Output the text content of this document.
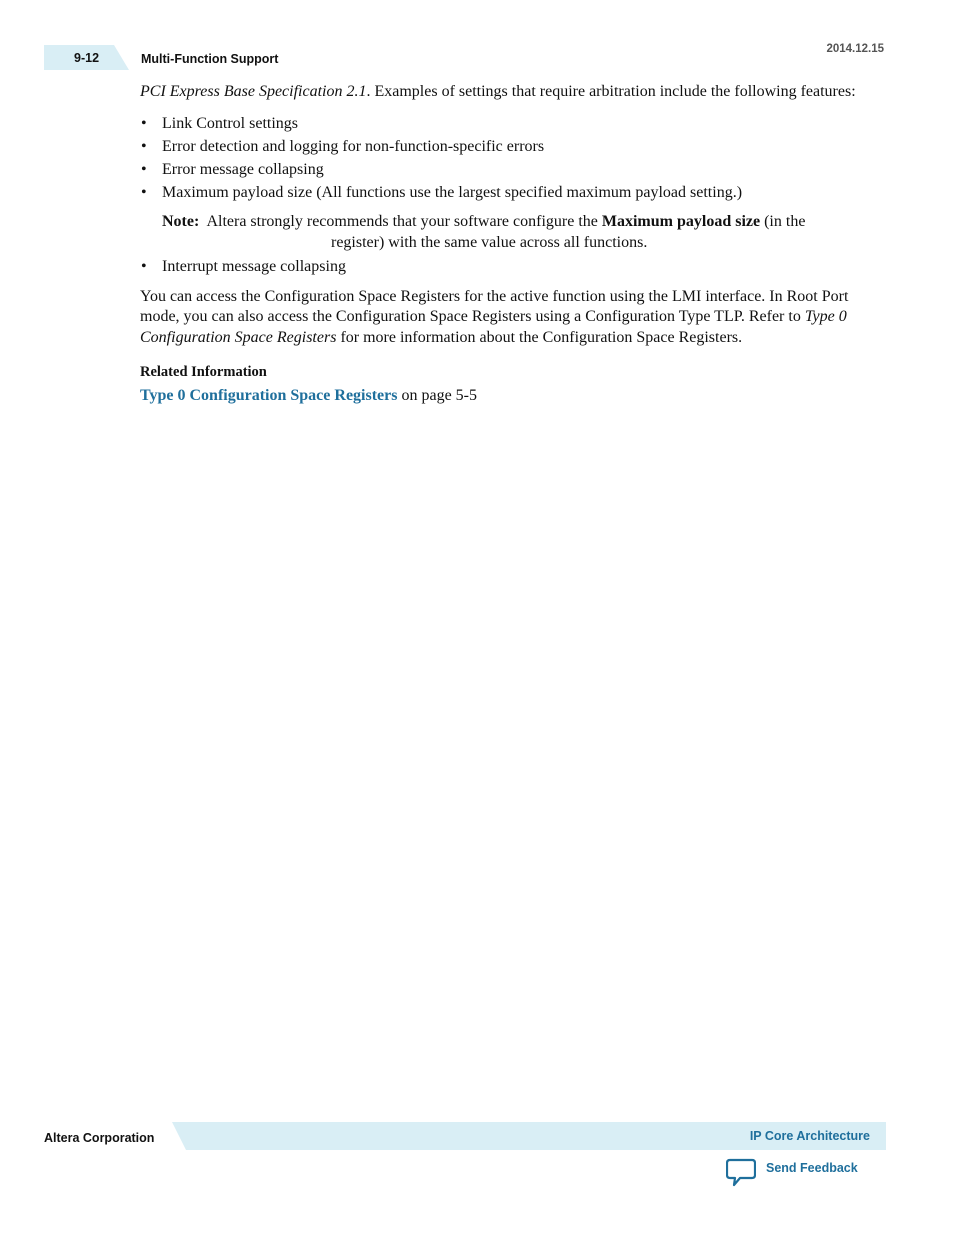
9-12	Multi-Function Support
2014.12.15

PCI Express Base Specification 2.1. Examples of settings that require arbitration include the following features:

• Link Control settings
• Error detection and logging for non-function-specific errors
• Error message collapsing
• Maximum payload size (All functions use the largest specified maximum payload setting.)
Note: Altera strongly recommends that your software configure the Maximum payload size (in the
register) with the same value across all functions.
• Interrupt message collapsing

You can access the Configuration Space Registers for the active function using the LMI interface. In Root Port mode, you can also access the Configuration Space Registers using a Configuration Type TLP. Refer to Type 0 Configuration Space Registers for more information about the Configuration Space Registers.

Related Information

Type 0 Configuration Space Registers on page 5-5

Altera Corporation	IP Core Architecture
Send Feedback
